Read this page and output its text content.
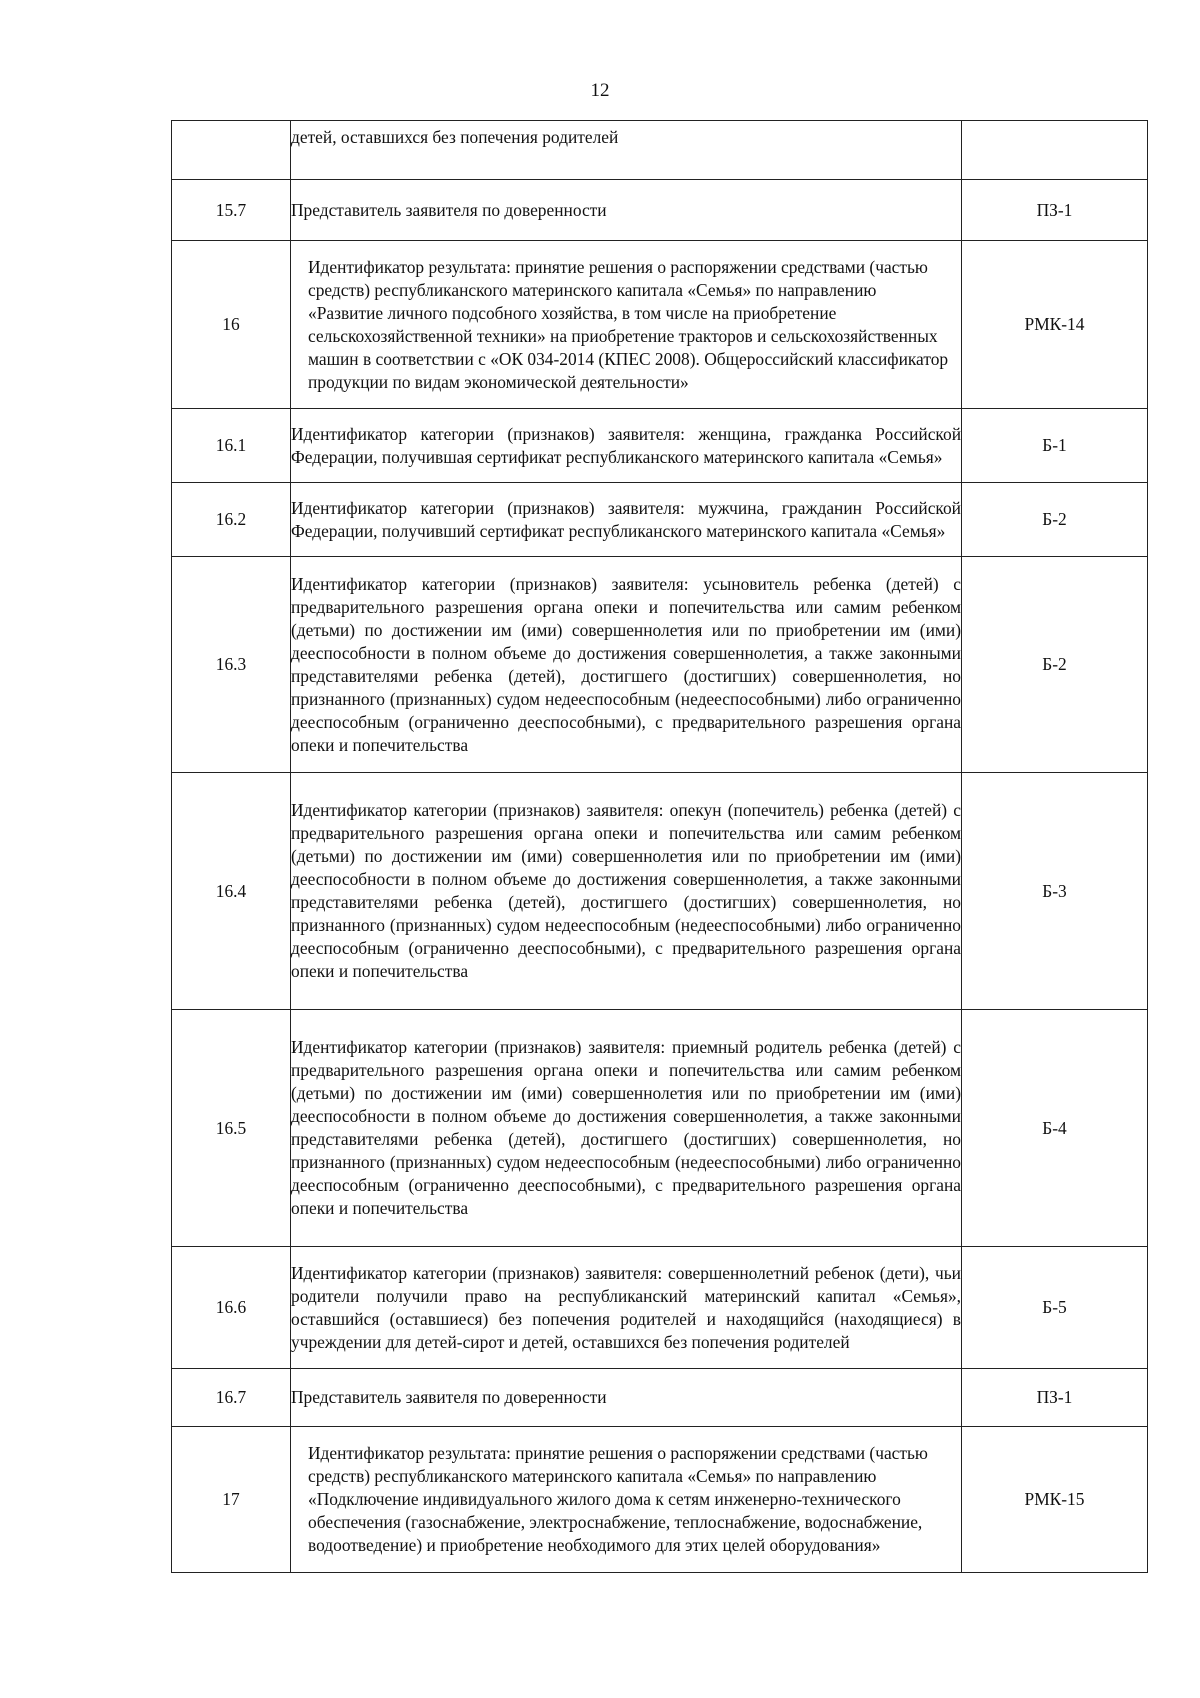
12

	детей, оставшихся без попечения родителей	

15.7	Представитель заявителя по доверенности	ПЗ-1
16	Идентификатор результата: принятие решения о распоряжении средствами (частью средств) республиканского материнского капитала «Семья» по направлению «Развитие личного подсобного хозяйства, в том числе на приобретение сельскохозяйственной техники» на приобретение тракторов и сельскохозяйственных машин в соответствии с «ОК 034-2014 (КПЕС 2008). Общероссийский классификатор продукции по видам экономической деятельности»	РМК-14
16.1	Идентификатор категории (признаков) заявителя: женщина, гражданка Российской Федерации, получившая сертификат республиканского материнского капитала «Семья»	Б-1
16.2	Идентификатор категории (признаков) заявителя: мужчина, гражданин Российской Федерации, получивший сертификат республиканского материнского капитала «Семья»	Б-2
16.3	Идентификатор категории (признаков) заявителя: усыновитель ребенка (детей) с предварительного разрешения органа опеки и попечительства или самим ребенком (детьми) по достижении им (ими) совершеннолетия или по приобретении им (ими) дееспособности в полном объеме до достижения совершеннолетия, а также законными представителями ребенка (детей), достигшего (достигших) совершеннолетия, но признанного (признанных) судом недееспособным (недееспособными) либо ограниченно дееспособным (ограниченно дееспособными), с предварительного разрешения органа опеки и попечительства	Б-2
16.4	Идентификатор категории (признаков) заявителя: опекун (попечитель) ребенка (детей) с предварительного разрешения органа опеки и попечительства или самим ребенком (детьми) по достижении им (ими) совершеннолетия или по приобретении им (ими) дееспособности в полном объеме до достижения совершеннолетия, а также законными представителями ребенка (детей), достигшего (достигших) совершеннолетия, но признанного (признанных) судом недееспособным (недееспособными) либо ограниченно дееспособным (ограниченно дееспособными), с предварительного разрешения органа опеки и попечительства	Б-3
16.5	Идентификатор категории (признаков) заявителя: приемный родитель ребенка (детей) с предварительного разрешения органа опеки и попечительства или самим ребенком (детьми) по достижении им (ими) совершеннолетия или по приобретении им (ими) дееспособности в полном объеме до достижения совершеннолетия, а также законными представителями ребенка (детей), достигшего (достигших) совершеннолетия, но признанного (признанных) судом недееспособным (недееспособными) либо ограниченно дееспособным (ограниченно дееспособными), с предварительного разрешения органа опеки и попечительства	Б-4
16.6	Идентификатор категории (признаков) заявителя: совершеннолетний ребенок (дети), чьи родители получили право на республиканский материнский капитал «Семья», оставшийся (оставшиеся) без попечения родителей и находящийся (находящиеся) в учреждении для детей-сирот и детей, оставшихся без попечения родителей	Б-5
16.7	Представитель заявителя по доверенности	ПЗ-1
17	Идентификатор результата: принятие решения о распоряжении средствами (частью средств) республиканского материнского капитала «Семья» по направлению «Подключение индивидуального жилого дома к сетям инженерно-технического обеспечения (газоснабжение, электроснабжение, теплоснабжение, водоснабжение, водоотведение) и приобретение необходимого для этих целей оборудования»	РМК-15
